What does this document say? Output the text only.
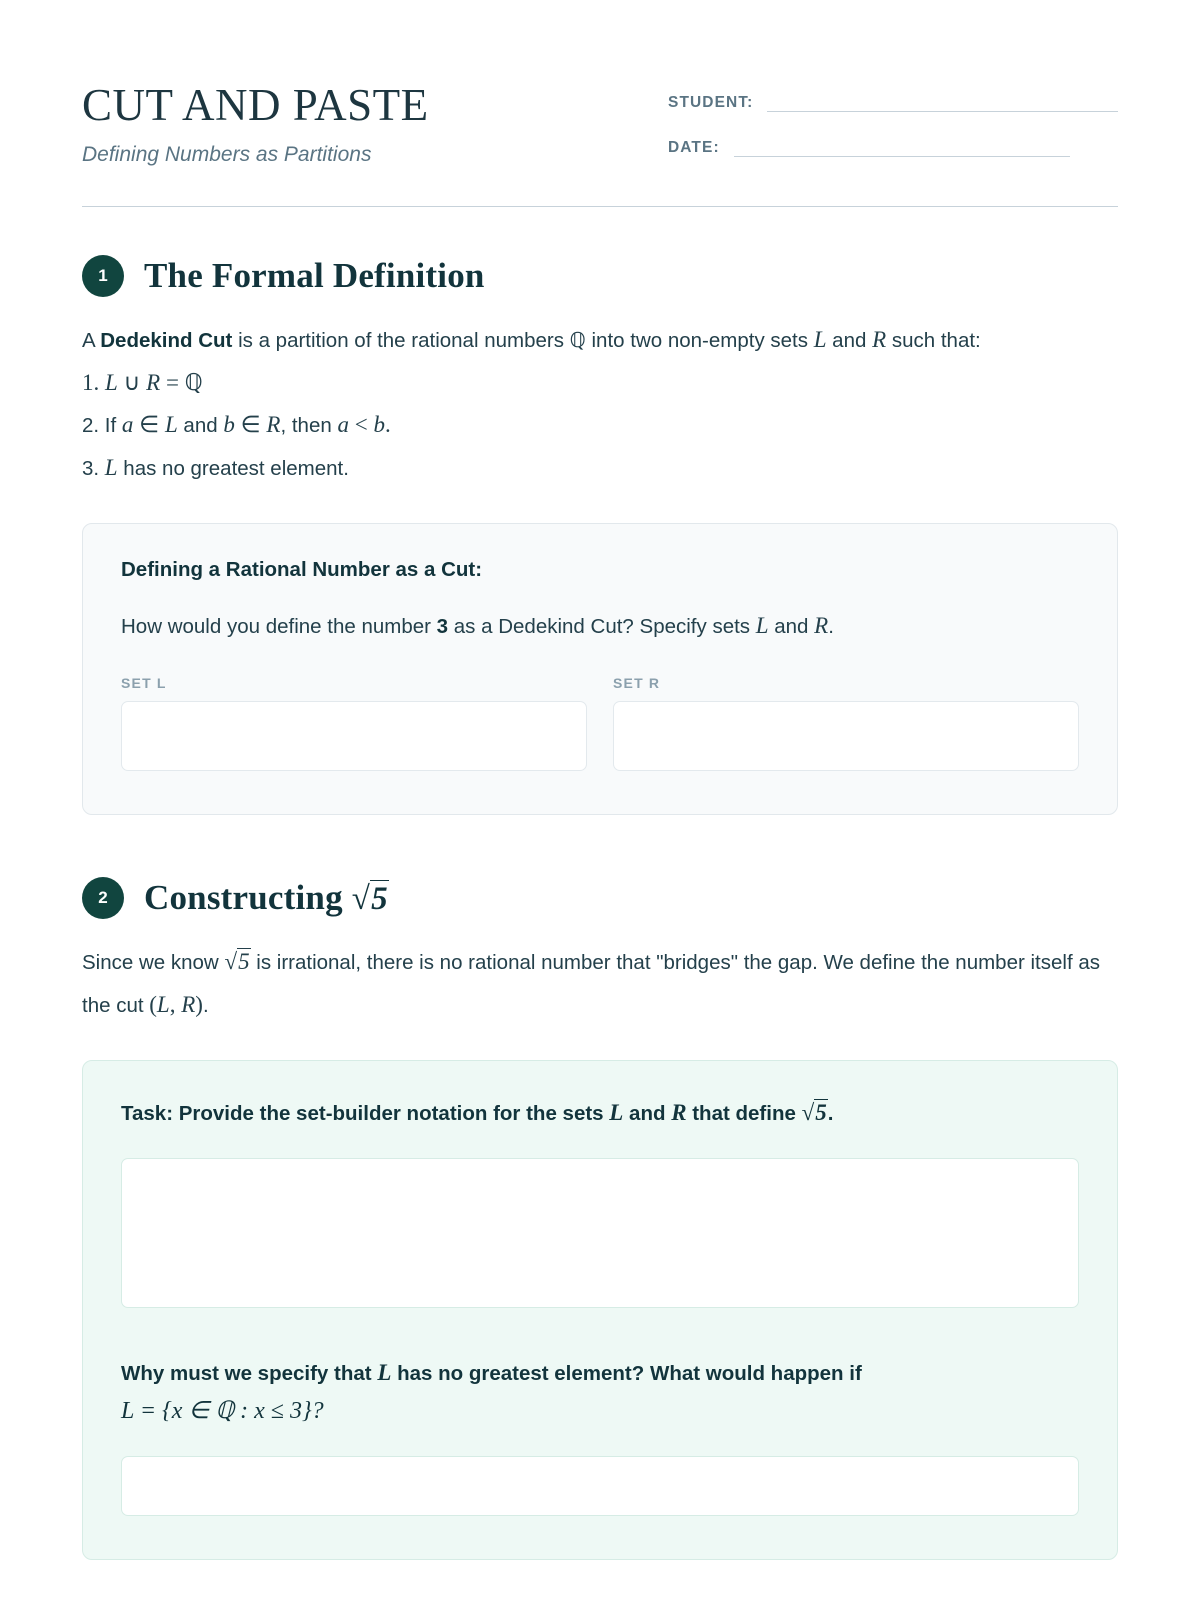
CUT AND PASTE
Defining Numbers as Partitions
STUDENT:
DATE:
1	The Formal Definition
A Dedekind Cut is a partition of the rational numbers ℚ into two non-empty sets L and R such that:
1. L ∪ R = ℚ
2. If a ∈ L and b ∈ R, then a < b.
3. L has no greatest element.
Defining a Rational Number as a Cut:
How would you define the number 3 as a Dedekind Cut? Specify sets L and R.
SET L	SET R
2	Constructing √5
Since we know √5 is irrational, there is no rational number that "bridges" the gap. We define the number itself as the cut (L, R).
Task: Provide the set-builder notation for the sets L and R that define √5.
Why must we specify that L has no greatest element? What would happen if
L = {x ∈ ℚ : x ≤ 3}?
